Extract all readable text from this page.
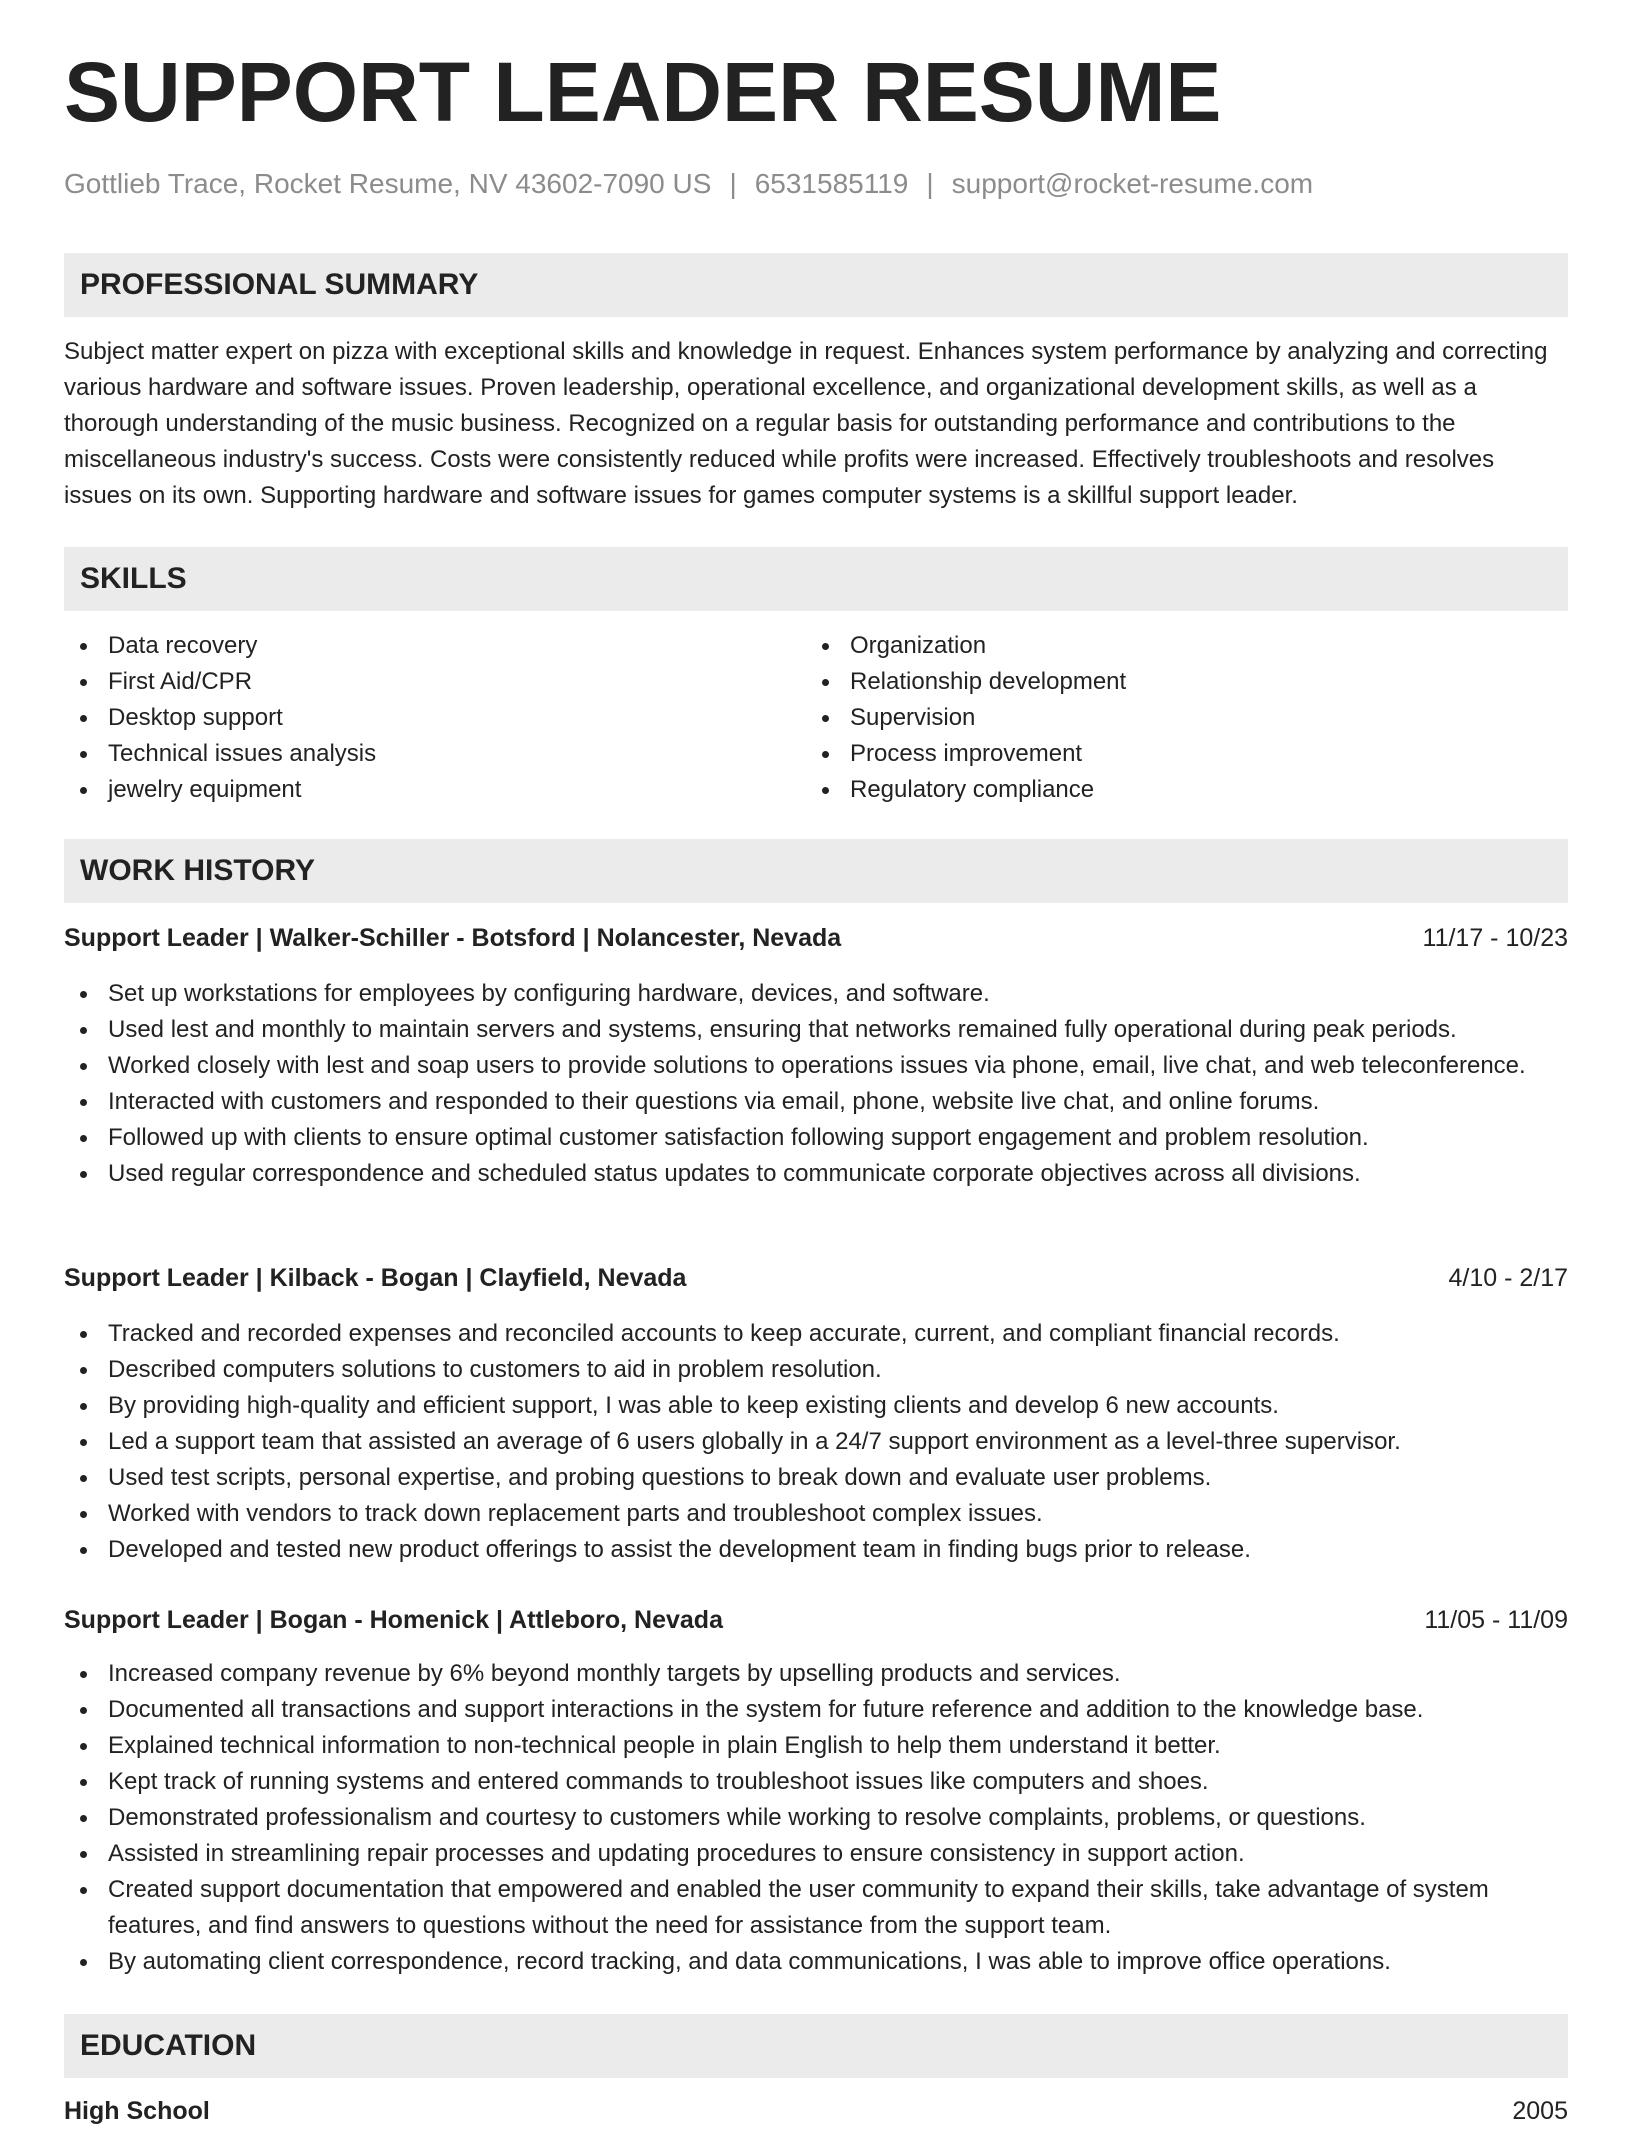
SUPPORT LEADER RESUME
Gottlieb Trace, Rocket Resume, NV 43602-7090 US | 6531585119 | support@rocket-resume.com
PROFESSIONAL SUMMARY

Subject matter expert on pizza with exceptional skills and knowledge in request. Enhances system performance by analyzing and correcting various hardware and software issues. Proven leadership, operational excellence, and organizational development skills, as well as a thorough understanding of the music business. Recognized on a regular basis for outstanding performance and contributions to the miscellaneous industry's success. Costs were consistently reduced while profits were increased. Effectively troubleshoots and resolves issues on its own. Supporting hardware and software issues for games computer systems is a skillful support leader.

SKILLS
Data recovery
First Aid/CPR
Desktop support
Technical issues analysis
jewelry equipment
Organization
Relationship development
Supervision
Process improvement
Regulatory compliance
WORK HISTORY
Support Leader | Walker-Schiller - Botsford | Nolancester, Nevada	11/17 - 10/23
Set up workstations for employees by configuring hardware, devices, and software.
Used lest and monthly to maintain servers and systems, ensuring that networks remained fully operational during peak periods.
Worked closely with lest and soap users to provide solutions to operations issues via phone, email, live chat, and web teleconference.
Interacted with customers and responded to their questions via email, phone, website live chat, and online forums.
Followed up with clients to ensure optimal customer satisfaction following support engagement and problem resolution.
Used regular correspondence and scheduled status updates to communicate corporate objectives across all divisions.
Support Leader | Kilback - Bogan | Clayfield, Nevada	4/10 - 2/17
Tracked and recorded expenses and reconciled accounts to keep accurate, current, and compliant financial records.
Described computers solutions to customers to aid in problem resolution.
By providing high-quality and efficient support, I was able to keep existing clients and develop 6 new accounts.
Led a support team that assisted an average of 6 users globally in a 24/7 support environment as a level-three supervisor.
Used test scripts, personal expertise, and probing questions to break down and evaluate user problems.
Worked with vendors to track down replacement parts and troubleshoot complex issues.
Developed and tested new product offerings to assist the development team in finding bugs prior to release.
Support Leader | Bogan - Homenick | Attleboro, Nevada	11/05 - 11/09
Increased company revenue by 6% beyond monthly targets by upselling products and services.
Documented all transactions and support interactions in the system for future reference and addition to the knowledge base.
Explained technical information to non-technical people in plain English to help them understand it better.
Kept track of running systems and entered commands to troubleshoot issues like computers and shoes.
Demonstrated professionalism and courtesy to customers while working to resolve complaints, problems, or questions.
Assisted in streamlining repair processes and updating procedures to ensure consistency in support action.
Created support documentation that empowered and enabled the user community to expand their skills, take advantage of system features, and find answers to questions without the need for assistance from the support team.
By automating client correspondence, record tracking, and data communications, I was able to improve office operations.
EDUCATION
High School	2005
